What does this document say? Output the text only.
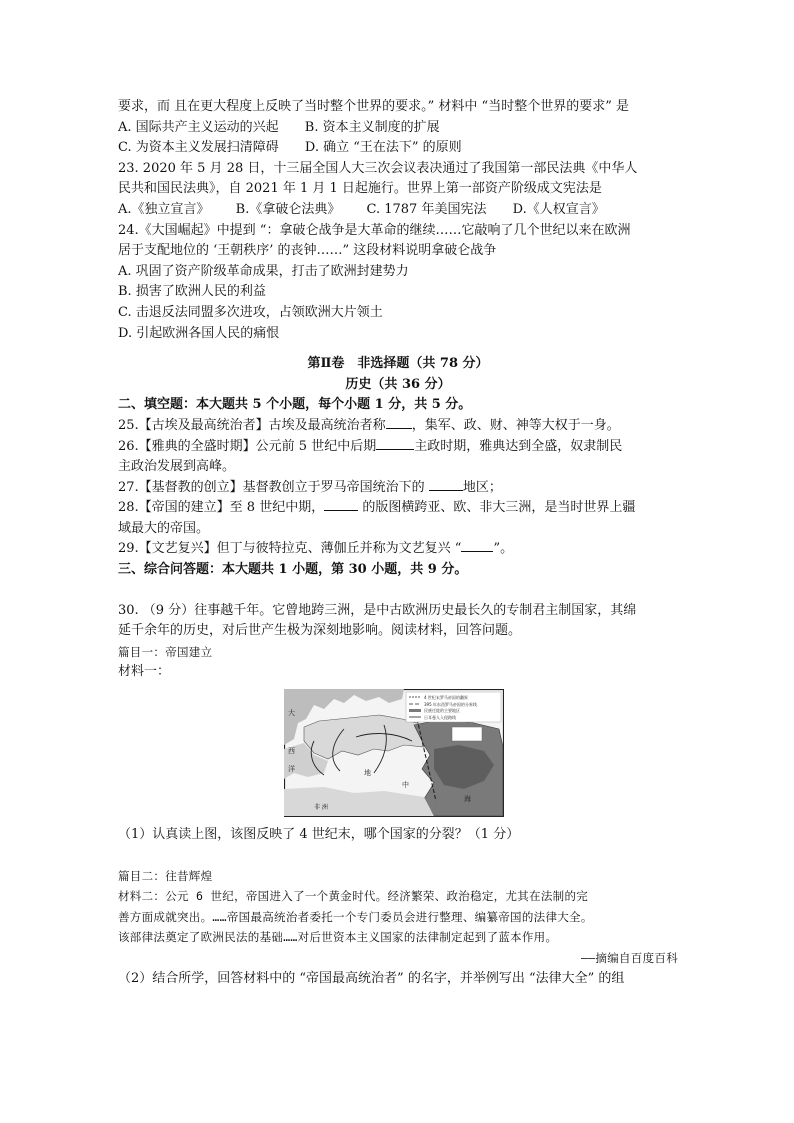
要求，而 且在更大程度上反映了当时整个世界的要求。” 材料中 “当时整个世界的要求” 是
A. 国际共产主义运动的兴起 B. 资本主义制度的扩展
C. 为资本主义发展扫清障碍 D. 确立 “王在法下” 的原则
23. 2020 年 5 月 28 日，十三届全国人大三次会议表决通过了我国第一部民法典《中华人
民共和国民法典》，自 2021 年 1 月 1 日起施行。世界上第一部资产阶级成文宪法是
A.《独立宣言》 B.《拿破仑法典》 C. 1787 年美国宪法 D.《人权宣言》
24.《大国崛起》中提到 “：拿破仑战争是大革命的继续……它敲响了几个世纪以来在欧洲
居于支配地位的 ‘王朝秩序’ 的丧钟……” 这段材料说明拿破仑战争
A. 巩固了资产阶级革命成果，打击了欧洲封建势力
B. 损害了欧洲人民的利益
C. 击退反法同盟多次进攻，占领欧洲大片领土
D. 引起欧洲各国人民的痛恨
第Ⅱ卷　非选择题（共 78 分）
历史（共 36 分）
二、填空题：本大题共 5 个小题，每个小题 1 分，共 5 分。
25.【古埃及最高统治者】古埃及最高统治者称 ，集军、政、财、神等大权于一身。
26.【雅典的全盛时期】公元前 5 世纪中后期	主政时期，雅典达到全盛，奴隶制民
主政治发展到高峰。
27.【基督教的创立】基督教创立于罗马帝国统治下的	地区；
28.【帝国的建立】至 8 世纪中期，	的版图横跨亚、欧、非大三洲，是当时世界上疆
域最大的帝国。
29.【文艺复兴】但丁与彼特拉克、薄伽丘并称为文艺复兴 “ ”。
三、综合问答题：本大题共 1 小题，第 30 小题，共 9 分。
30. （9 分）往事越千年。它曾地跨三洲，是中古欧洲历史最长久的专制君主制国家，其绵
延千余年的历史，对后世产生极为深刻地影响。阅读材料，回答问题。
篇目一：帝国建立
材料一：
4 世纪末罗马帝国的疆界
395 年东西罗马帝国的分界线
民族迁徙的主要地区
日耳曼人入侵路线
大
西
洋	地
中
非 洲
海
（1）认真读上图，该图反映了 4 世纪末，哪个国家的分裂？（1 分）
篇目二：往昔辉煌
材料二：公元 6 世纪，帝国进入了一个黄金时代。经济繁荣、政治稳定，尤其在法制的完
善方面成就突出。……帝国最高统治者委托一个专门委员会进行整理、编纂帝国的法律大全。
该部律法奠定了欧洲民法的基础……对后世资本主义国家的法律制定起到了蓝本作用。
——摘编自百度百科
（2）结合所学，回答材料中的 “帝国最高统治者” 的名字，并举例写出 “法律大全” 的组
